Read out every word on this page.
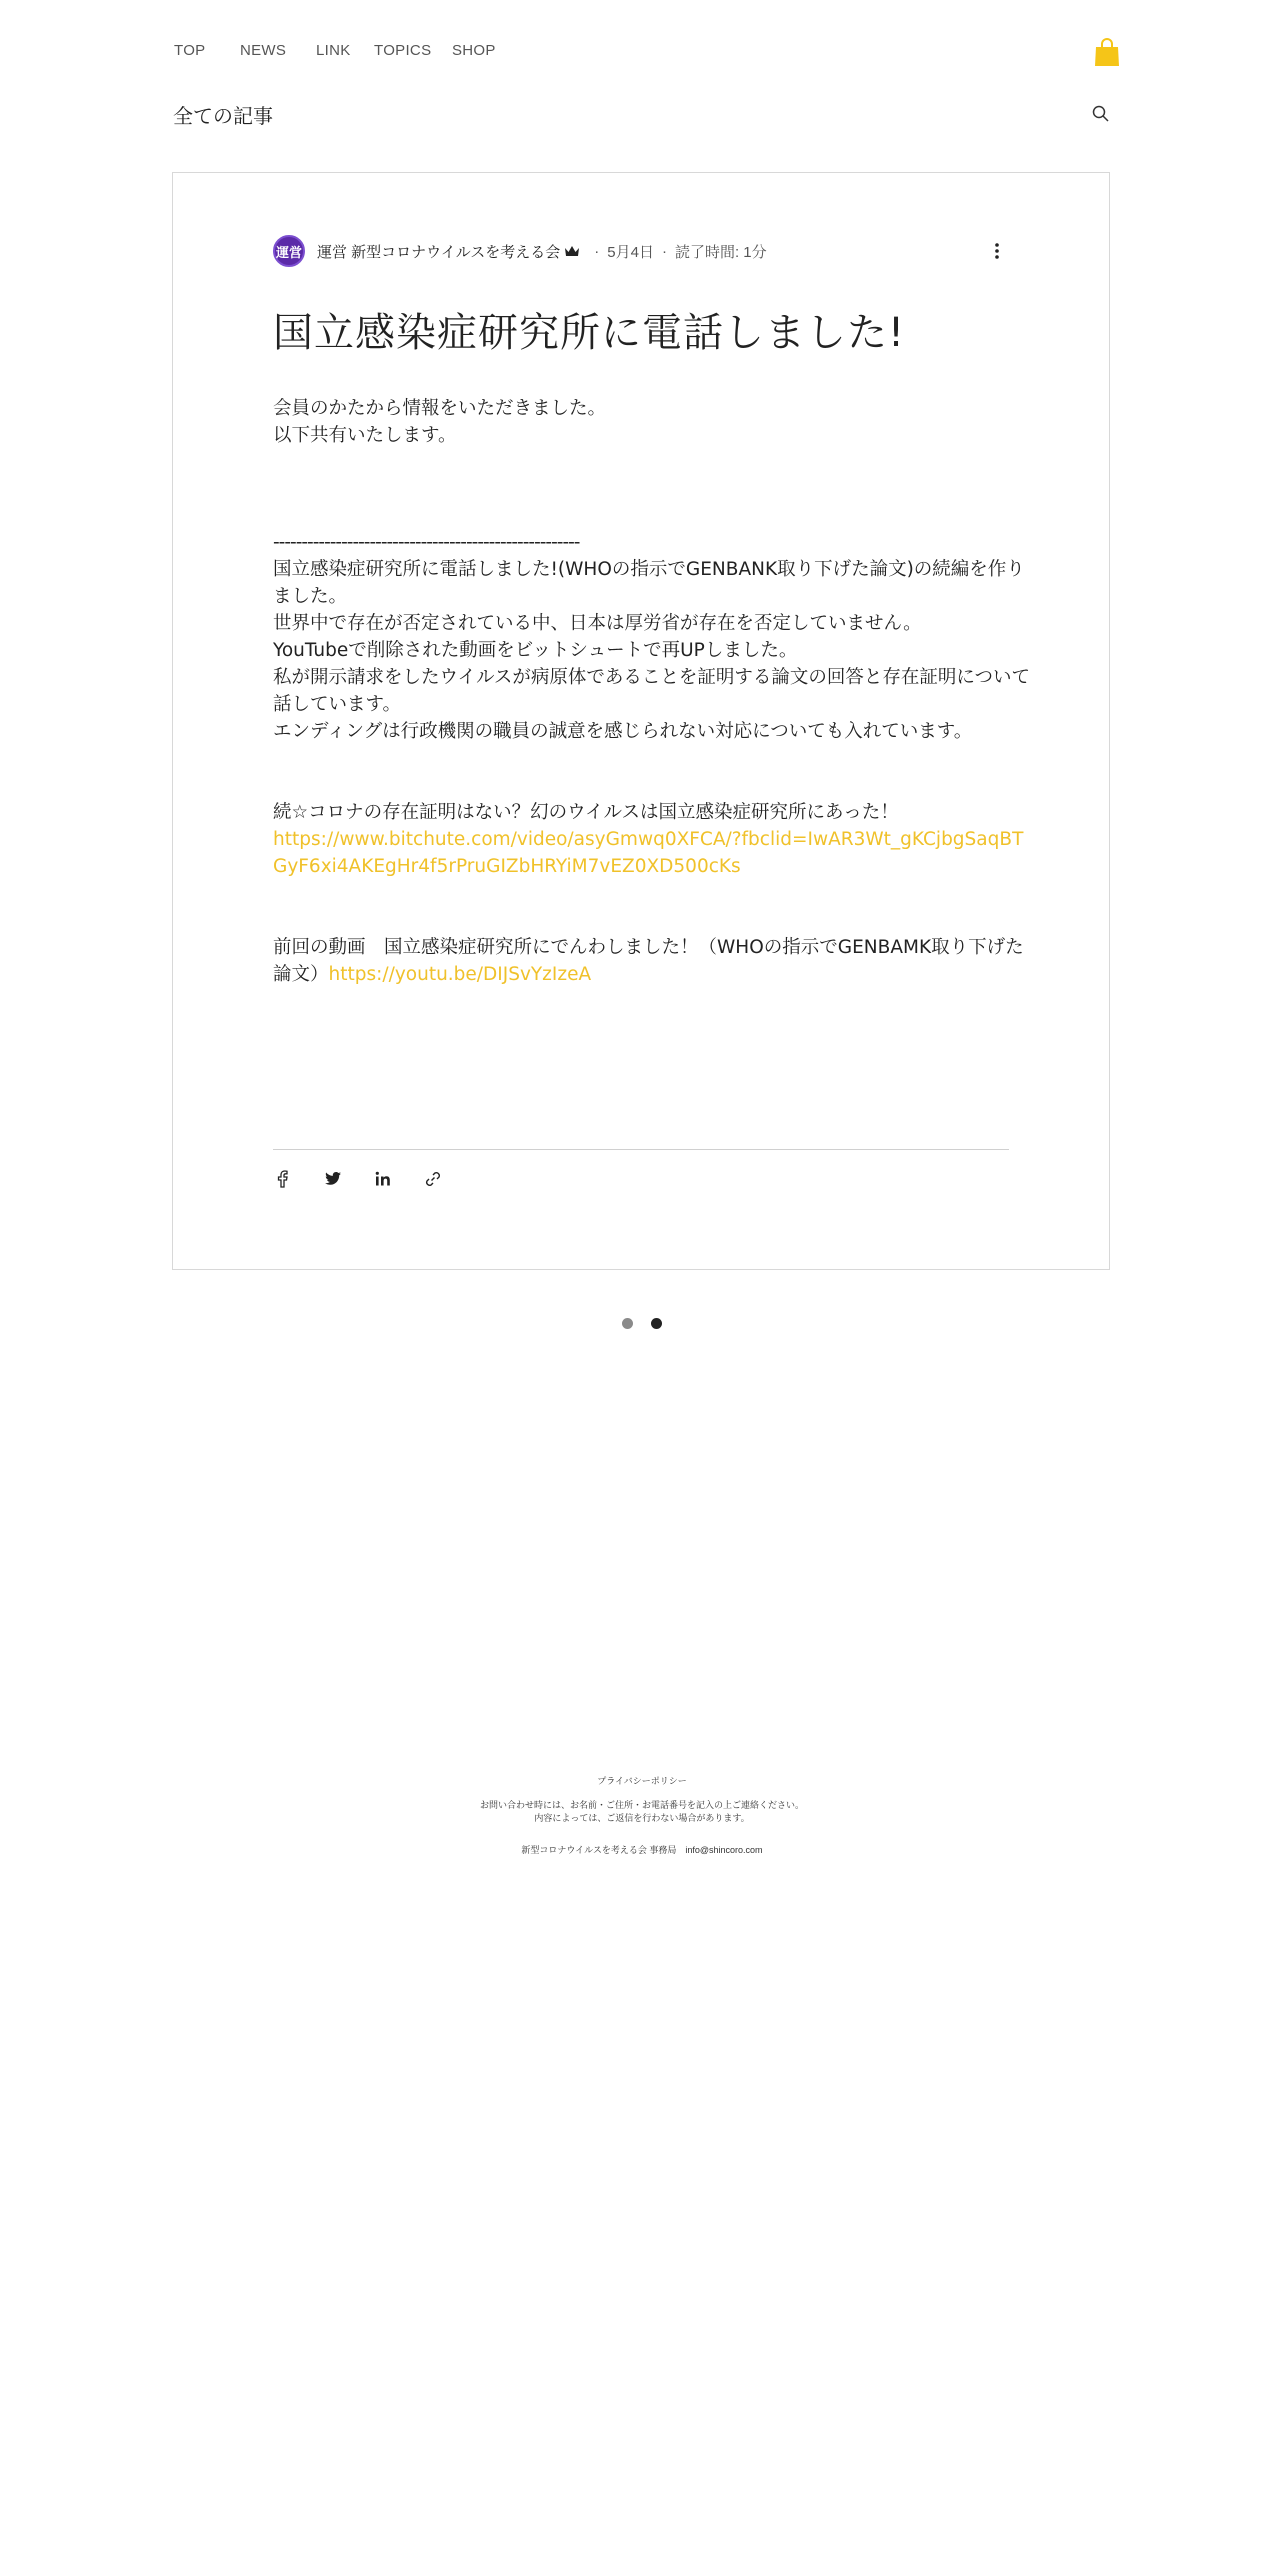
TOP NEWS LINK TOPICS SHOP
全ての記事
運営 運営 新型コロナウイルスを考える会 · 5月4日 · 読了時間: 1分
国立感染症研究所に電話しました!

会員のかたから情報をいただきました。

以下共有いたします。

------------------------------------------------------

国立感染症研究所に電話しました!(WHOの指示でGENBANK取り下げた論文)の続編を作りました。

世界中で存在が否定されている中、日本は厚労省が存在を否定していません。

YouTubeで削除された動画をビットシュートで再UPしました。

私が開示請求をしたウイルスが病原体であることを証明する論文の回答と存在証明について話しています。

エンディングは行政機関の職員の誠意を感じられない対応についても入れています。

続☆コロナの存在証明はない？幻のウイルスは国立感染症研究所にあった！

https://www.bitchute.com/video/asyGmwq0XFCA/?fbclid=IwAR3Wt_gKCjbgSaqBTGyF6xi4AKEgHr4f5rPruGIZbHRYiM7vEZ0XD500cKs

前回の動画　国立感染症研究所にでんわしました！（WHOの指示でGENBAMK取り下げた論文）https://youtu.be/DIJSvYzIzeA

プライバシーポリシー
お問い合わせ時には、お名前・ご住所・お電話番号を記入の上ご連絡ください。
内容によっては、ご返信を行わない場合があります。
新型コロナウイルスを考える会 事務局　info@shincoro.com
